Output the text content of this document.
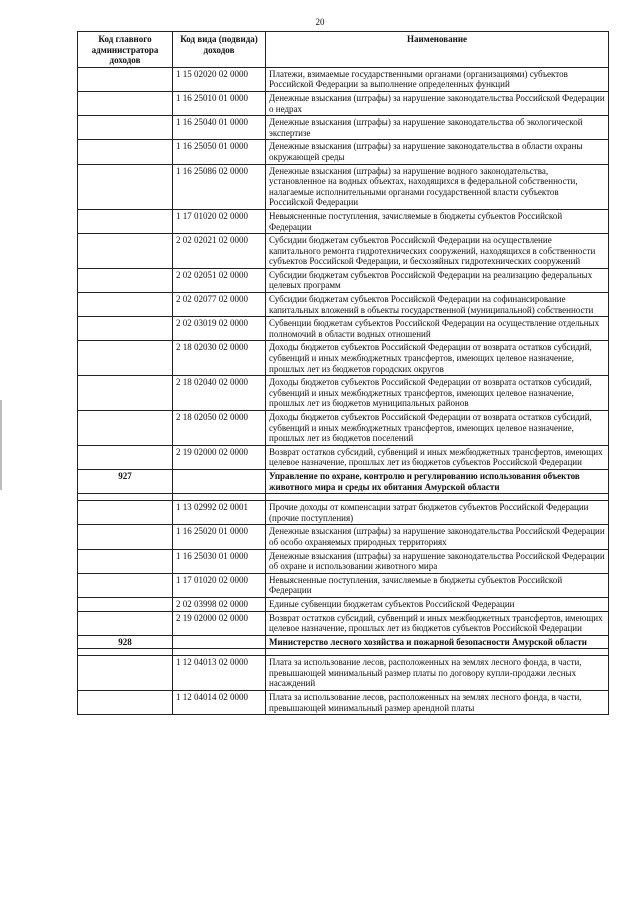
20
Код главного администратора доходов	Код вида (подвида) доходов	Наименование
	1 15 02020 02 0000	Платежи, взимаемые государственными органами (организациями) субъектов Российской Федерации за выполнение определенных функций
	1 16 25010 01 0000	Денежные взыскания (штрафы) за нарушение законодательства Российской Федерации о недрах
	1 16 25040 01 0000	Денежные взыскания (штрафы) за нарушение законодательства об экологической экспертизе
	1 16 25050 01 0000	Денежные взыскания (штрафы) за нарушение законодательства в области охраны окружающей среды
	1 16 25086 02 0000	Денежные взыскания (штрафы) за нарушение водного законодательства, установленное на водных объектах, находящихся в федеральной собственности, налагаемые исполнительными органами государственной власти субъектов Российской Федерации
	1 17 01020 02 0000	Невыясненные поступления, зачисляемые в бюджеты субъектов Российской Федерации
	2 02 02021 02 0000	Субсидии бюджетам субъектов Российской Федерации на осуществление капитального ремонта гидротехнических сооружений, находящихся в собственности субъектов Российской Федерации, и бесхозяйных гидротехнических сооружений
	2 02 02051 02 0000	Субсидии бюджетам субъектов Российской Федерации на реализацию федеральных целевых программ
	2 02 02077 02 0000	Субсидии бюджетам субъектов Российской Федерации на софинансирование капитальных вложений в объекты государственной (муниципальной) собственности
	2 02 03019 02 0000	Субвенции бюджетам субъектов Российской Федерации на осуществление отдельных полномочий в области водных отношений
	2 18 02030 02 0000	Доходы бюджетов субъектов Российской Федерации от возврата остатков субсидий, субвенций и иных межбюджетных трансфертов, имеющих целевое назначение, прошлых лет из бюджетов городских округов
	2 18 02040 02 0000	Доходы бюджетов субъектов Российской Федерации от возврата остатков субсидий, субвенций и иных межбюджетных трансфертов, имеющих целевое назначение, прошлых лет из бюджетов муниципальных районов
	2 18 02050 02 0000	Доходы бюджетов субъектов Российской Федерации от возврата остатков субсидий, субвенций и иных межбюджетных трансфертов, имеющих целевое назначение, прошлых лет из бюджетов поселений
	2 19 02000 02 0000	Возврат остатков субсидий, субвенций и иных межбюджетных трансфертов, имеющих целевое назначение, прошлых лет из бюджетов субъектов Российской Федерации
927		Управление по охране, контролю и регулированию использования объектов животного мира и среды их обитания Амурской области

	1 13 02992 02 0001	Прочие доходы от компенсации затрат бюджетов субъектов Российской Федерации (прочие поступления)
	1 16 25020 01 0000	Денежные взыскания (штрафы) за нарушение законодательства Российской Федерации об особо охраняемых природных территориях
	1 16 25030 01 0000	Денежные взыскания (штрафы) за нарушение законодательства Российской Федерации об охране и использовании животного мира
	1 17 01020 02 0000	Невыясненные поступления, зачисляемые в бюджеты субъектов Российской Федерации
	2 02 03998 02 0000	Единые субвенции бюджетам субъектов Российской Федерации
	2 19 02000 02 0000	Возврат остатков субсидий, субвенций и иных межбюджетных трансфертов, имеющих целевое назначение, прошлых лет из бюджетов субъектов Российской Федерации
928		Министерство лесного хозяйства и пожарной безопасности Амурской области

	1 12 04013 02 0000	Плата за использование лесов, расположенных на землях лесного фонда, в части, превышающей минимальный размер платы по договору купли-продажи лесных насаждений
	1 12 04014 02 0000	Плата за использование лесов, расположенных на землях лесного фонда, в части, превышающей минимальный размер арендной платы
